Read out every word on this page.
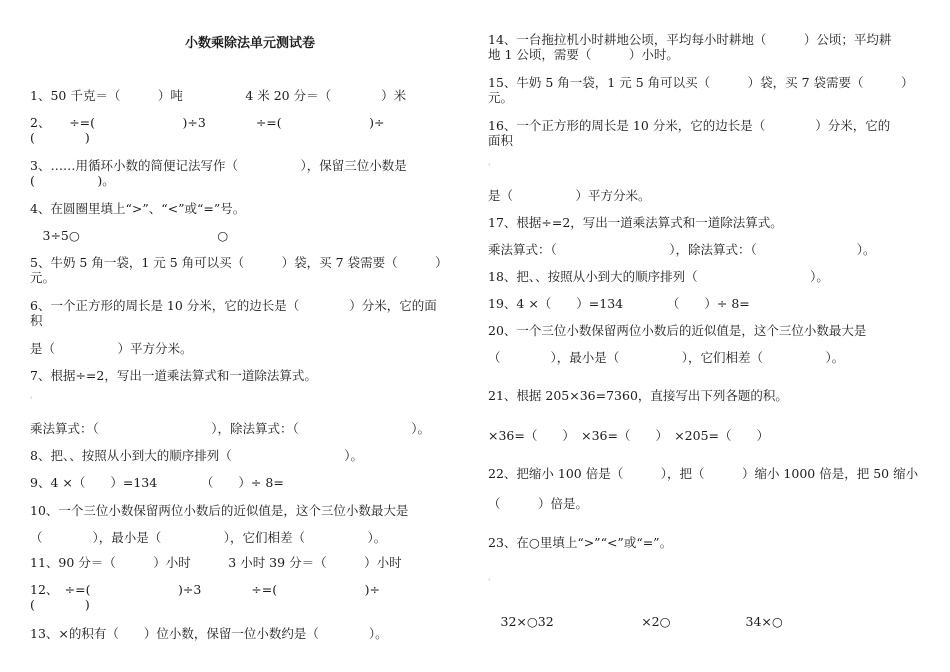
小数乘除法单元测试卷
1、50 千克＝（　　　）吨　　　　　4 米 20 分＝（　　　　）米
2、　　÷=(　　　　　　　)÷3　　　　÷=(　　　　　　　)÷
(　　　　)
3、……用循环小数的简便记法写作（　　　　　），保留三位小数是
(　　　　　)。
4、在圆圈里填上“>”、“<”或“=”号。
　3÷5○　　　　　　　　　　　○
5、牛奶 5 角一袋，1 元 5 角可以买（　　　）袋，买 7 袋需要（　　　）
元。
6、一个正方形的周长是 10 分米，它的边长是（　　　　）分米，它的面
积
是（　　　　　）平方分米。
7、根据÷=2，写出一道乘法算式和一道除法算式。
乘法算式：（　　　　　　　　　），除法算式：（　　　　　　　　　）。
8、把、、按照从小到大的顺序排列（　　　　　　　　　）。
9、4 ×（　　）=134　　　　（　　）÷ 8=
10、一个三位小数保留两位小数后的近似值是，这个三位小数最大是
（　　　　），最小是（　　　　　），它们相差（　　　　　）。
11、90 分＝（　　　）小时　　　3 小时 39 分＝（　　　）小时
12、　÷=(　　　　　　　)÷3　　　　÷=(　　　　　　　)÷
(　　　　)
13、×的积有（　　）位小数，保留一位小数约是（　　　　）。
ˈ
14、一台拖拉机小时耕地公顷，平均每小时耕地（　　　）公顷；平均耕
地 1 公顷，需要（　　　）小时。
15、牛奶 5 角一袋，1 元 5 角可以买（　　　）袋，买 7 袋需要（　　　）
元。
16、一个正方形的周长是 10 分米，它的边长是（　　　　）分米，它的
面积
是（　　　　　）平方分米。
17、根据÷=2，写出一道乘法算式和一道除法算式。
乘法算式：（　　　　　　　　　），除法算式：（　　　　　　　　）。
18、把、、按照从小到大的顺序排列（　　　　　　　　　）。
19、4 ×（　　）=134　　　　（　　）÷ 8=
20、一个三位小数保留两位小数后的近似值是，这个三位小数最大是
（　　　　），最小是（　　　　　），它们相差（　　　　　）。
21、根据 205×36=7360，直接写出下列各题的积。
×36=（　　）　×36=（　　）　×205=（　　）
22、把缩小 100 倍是（　　　），把（　　　）缩小 1000 倍是，把 50 缩小
（　　　）倍是。
23、在○里填上“>”“<”或“=”。
　32×○32　　　　　　　×2○　　　　　　34×○
ˈ
ˈ
